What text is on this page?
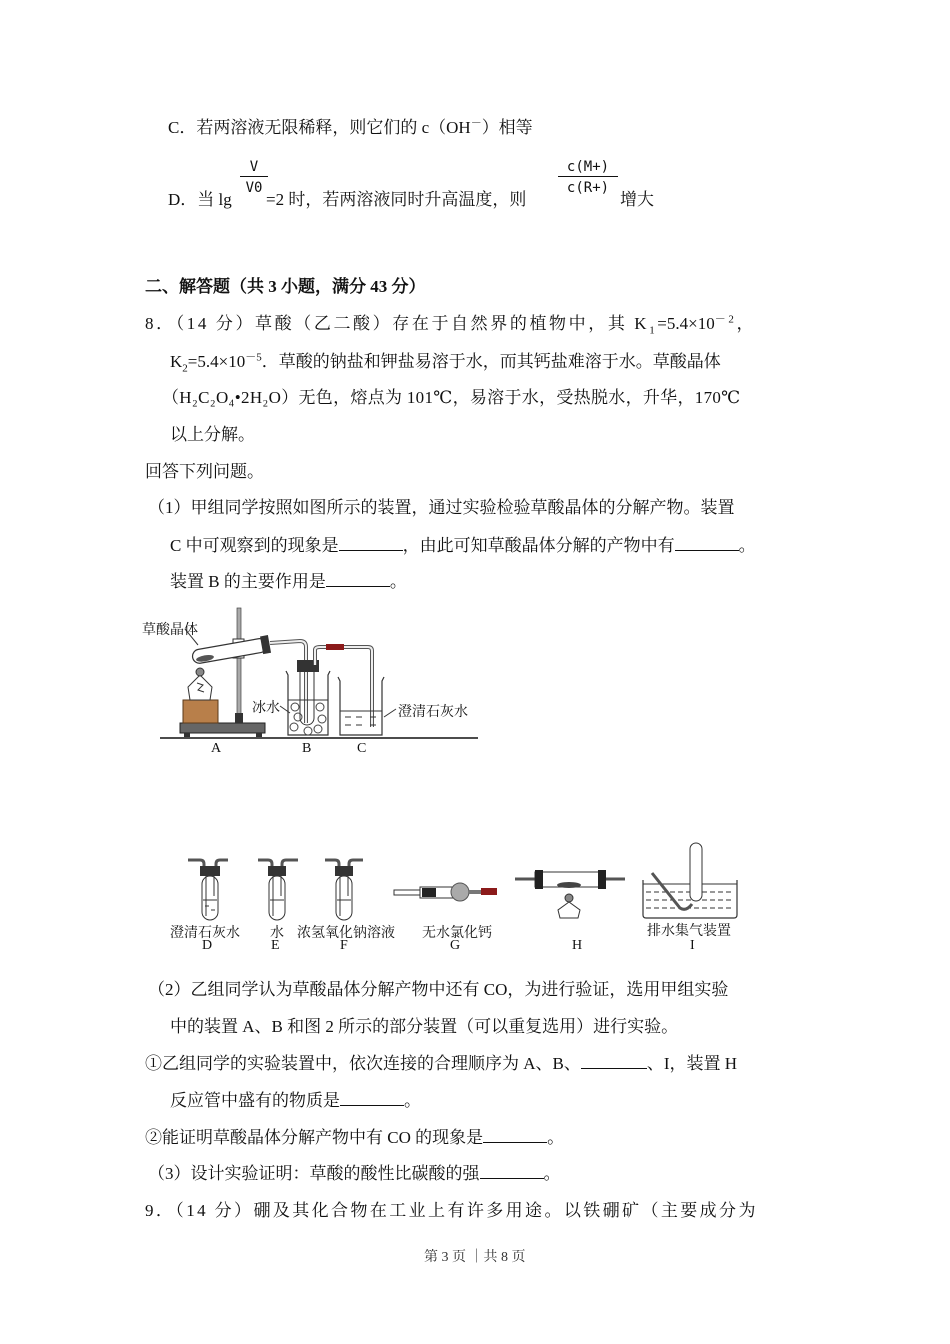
C．若两溶液无限稀释，则它们的 c（OH－）相等
D．当 lg
V
V0
=2 时，若两溶液同时升高温度，则
c(M+)
c(R+)
增大
二、解答题（共 3 小题，满分 43 分）
8．（14 分）草酸（乙二酸）存在于自然界的植物中，其 $K_1=5.4\times 10^{-2}$，
$K_2=5.4\times 10^{-5}$．草酸的钠盐和钾盐易溶于水，而其钙盐难溶于水。草酸晶体
（H₂C₂O₄•2H₂O）无色，熔点为 101℃，易溶于水，受热脱水，升华，170℃
以上分解。
回答下列问题。
（1）甲组同学按照如图所示的装置，通过实验检验草酸晶体的分解产物。装置
C 中可观察到的现象是	，由此可知草酸晶体分解的产物中有	。
装置 B 的主要作用是	。
草酸晶体
冰水	澄清石灰水
A	B	C
澄清石灰水 水 浓氢氧化钠溶液 无水氯化钙	排水集气装置
D	E	F	G	H	I
（2）乙组同学认为草酸晶体分解产物中还有 CO，为进行验证，选用甲组实验
中的装置 A、B 和图 2 所示的部分装置（可以重复选用）进行实验。
①乙组同学的实验装置中，依次连接的合理顺序为 A、B、	、I，装置 H
反应管中盛有的物质是	。
②能证明草酸晶体分解产物中有 CO 的现象是	。
（3）设计实验证明：草酸的酸性比碳酸的强	。
9．（14 分）硼及其化合物在工业上有许多用途。以铁硼矿（主要成分为
第 3 页 ｜共 8 页
